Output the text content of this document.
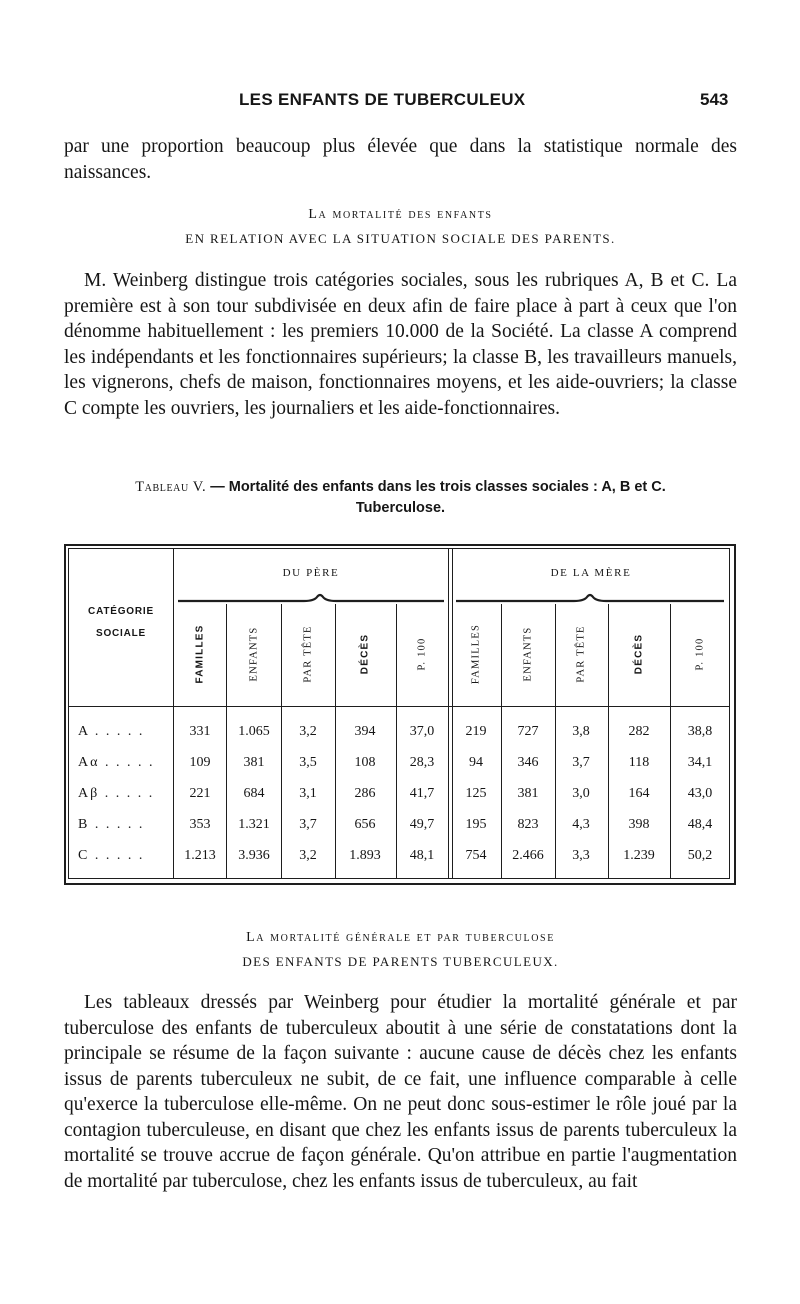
LES ENFANTS DE TUBERCULEUX	543

par une proportion beaucoup plus élevée que dans la statistique normale des naissances.

La mortalité des enfants
EN RELATION AVEC LA SITUATION SOCIALE DES PARENTS.

M. Weinberg distingue trois catégories sociales, sous les rubriques A, B et C. La première est à son tour subdivisée en deux afin de faire place à part à ceux que l'on dénomme habituellement : les premiers 10.000 de la Société. La classe A comprend les indépendants et les fonctionnaires supérieurs; la classe B, les travailleurs manuels, les vignerons, chefs de maison, fonctionnaires moyens, et les aide-ouvriers; la classe C compte les ouvriers, les journaliers et les aide-fonctionnaires.

Tableau V. — Mortalité des enfants dans les trois classes sociales : A, B et C.
Tuberculose.
DU PÈRE	DE LA MÈRE
CATÉGORIE
SOCIALE	FAMILLES	ENFANTS	PAR TÊTE	DÉCÈS	P. 100	FAMILLES	ENFANTS	PAR TÊTE	DÉCÈS	P. 100
A . . . . .	331 1.065 3,2	394 37,0 219 727 3,8	282	38,8
Aα . . . . .	109 381 3,5	108 28,3 94 346 3,7	118	34,1
Aβ . . . . .	221 684 3,1	286 41,7 125 381 3,0	164	43,0
B . . . . .	353 1.321 3,7	656 49,7 195 823 4,3	398	48,4
C . . . . .	1.213 3.936 3,2 1.893 48,1 754 2.466 3,3 1.239 50,2
La mortalité générale et par tuberculose
DES ENFANTS DE PARENTS TUBERCULEUX.

Les tableaux dressés par Weinberg pour étudier la mortalité générale et par tuberculose des enfants de tuberculeux aboutit à une série de constatations dont la principale se résume de la façon suivante : aucune cause de décès chez les enfants issus de parents tuberculeux ne subit, de ce fait, une influence comparable à celle qu'exerce la tuberculose elle-même. On ne peut donc sous-estimer le rôle joué par la contagion tuberculeuse, en disant que chez les enfants issus de parents tuberculeux la mortalité se trouve accrue de façon générale. Qu'on attribue en partie l'augmentation de mortalité par tuberculose, chez les enfants issus de tuberculeux, au fait
